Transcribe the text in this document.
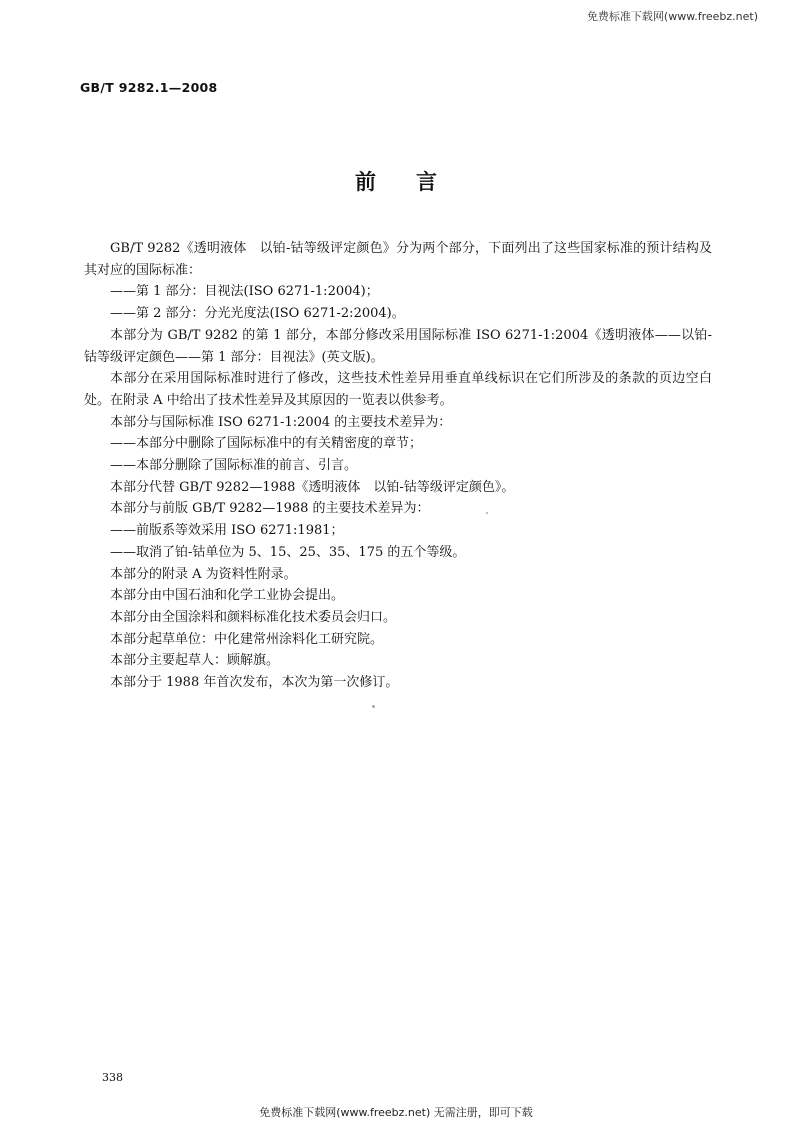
免费标准下载网(www.freebz.net)
GB/T 9282.1—2008
前言

GB/T 9282《透明液体　以铂-钴等级评定颜色》分为两个部分，下面列出了这些国家标准的预计结构及其对应的国际标准：

——第 1 部分：目视法(ISO 6271-1:2004)；

——第 2 部分：分光光度法(ISO 6271-2:2004)。

本部分为 GB/T 9282 的第 1 部分，本部分修改采用国际标准 ISO 6271-1:2004《透明液体——以铂-钴等级评定颜色——第 1 部分：目视法》(英文版)。

本部分在采用国际标准时进行了修改，这些技术性差异用垂直单线标识在它们所涉及的条款的页边空白处。在附录 A 中给出了技术性差异及其原因的一览表以供参考。

本部分与国际标准 ISO 6271-1:2004 的主要技术差异为：

——本部分中删除了国际标准中的有关精密度的章节；

——本部分删除了国际标准的前言、引言。

本部分代替 GB/T 9282—1988《透明液体　以铂-钴等级评定颜色》。

本部分与前版 GB/T 9282—1988 的主要技术差异为：

——前版系等效采用 ISO 6271:1981；

——取消了铂-钴单位为 5、15、25、35、175 的五个等级。

本部分的附录 A 为资料性附录。

本部分由中国石油和化学工业协会提出。

本部分由全国涂料和颜料标准化技术委员会归口。

本部分起草单位：中化建常州涂料化工研究院。

本部分主要起草人：顾解旗。

本部分于 1988 年首次发布，本次为第一次修订。

338
免费标准下载网(www.freebz.net) 无需注册，即可下载
